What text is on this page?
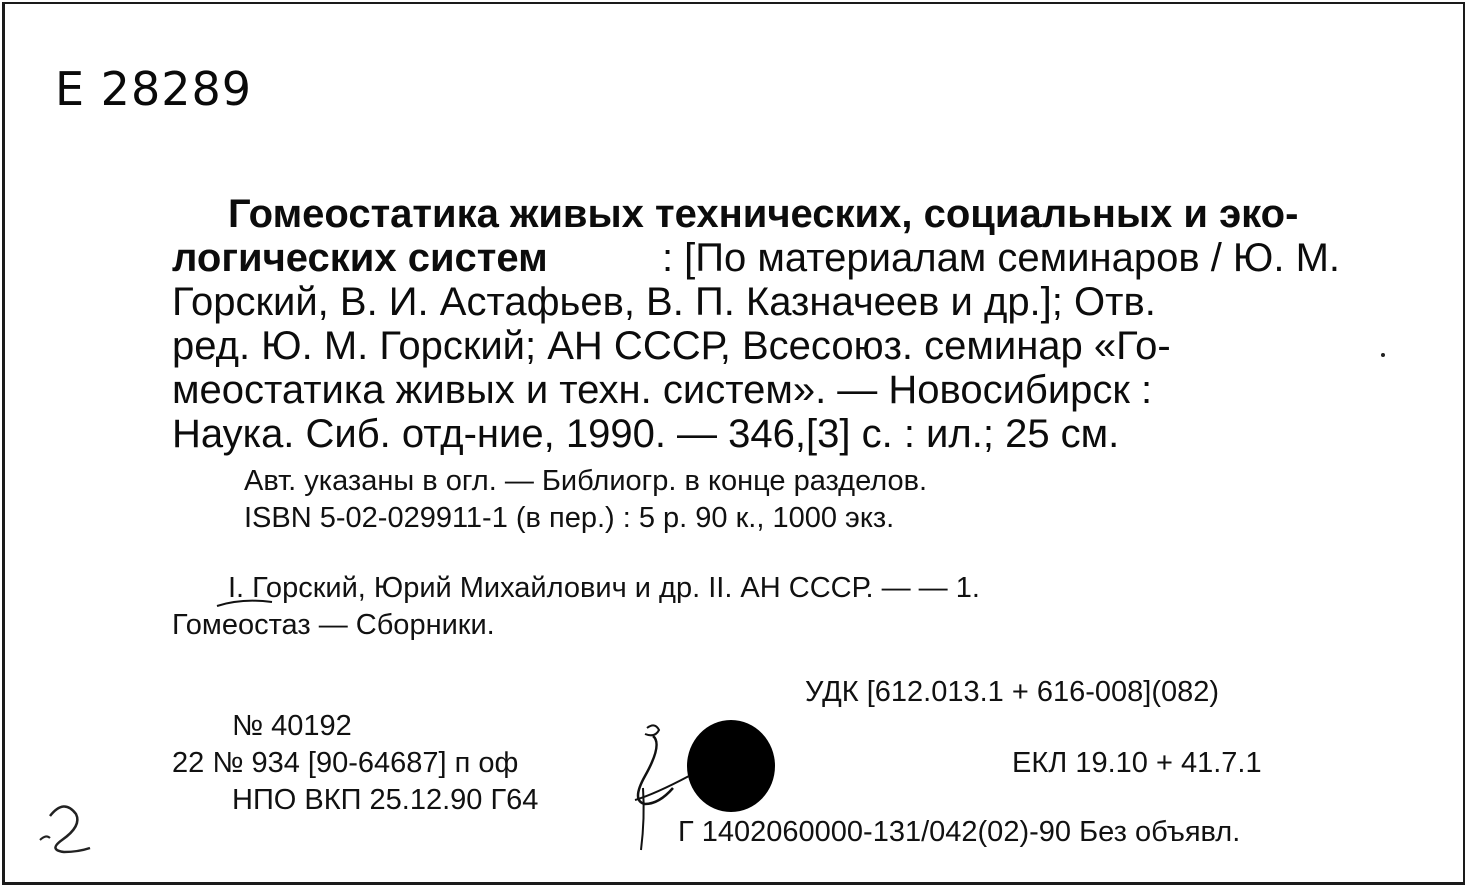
Е 28289
Гомеостатика живых технических, социальных и эко-
логических систем	: [По материалам семинаров / Ю. М.
Горский, В. И. Астафьев, В. П. Казначеев и др.]; Отв.
ред. Ю. М. Горский; АН СССР, Всесоюз. семинар «Го-
меостатика живых и техн. систем». — Новосибирск :
Наука. Сиб. отд-ние, 1990. — 346,[3] с. : ил.; 25 см.
Авт. указаны в огл. — Библиогр. в конце разделов.
ISBN 5-02-029911-1 (в пер.) : 5 р. 90 к., 1000 экз.
I. Горский, Юрий Михайлович и др. II. АН СССР. — — 1.
Гомеостаз — Сборники.
УДК [612.013.1 + 616-008](082)
№ 40192
22 № 934 [90-64687] п оф
НПО ВКП 25.12.90 Г64
ЕКЛ 19.10 + 41.7.1
Г 1402060000-131/042(02)-90 Без объявл.
